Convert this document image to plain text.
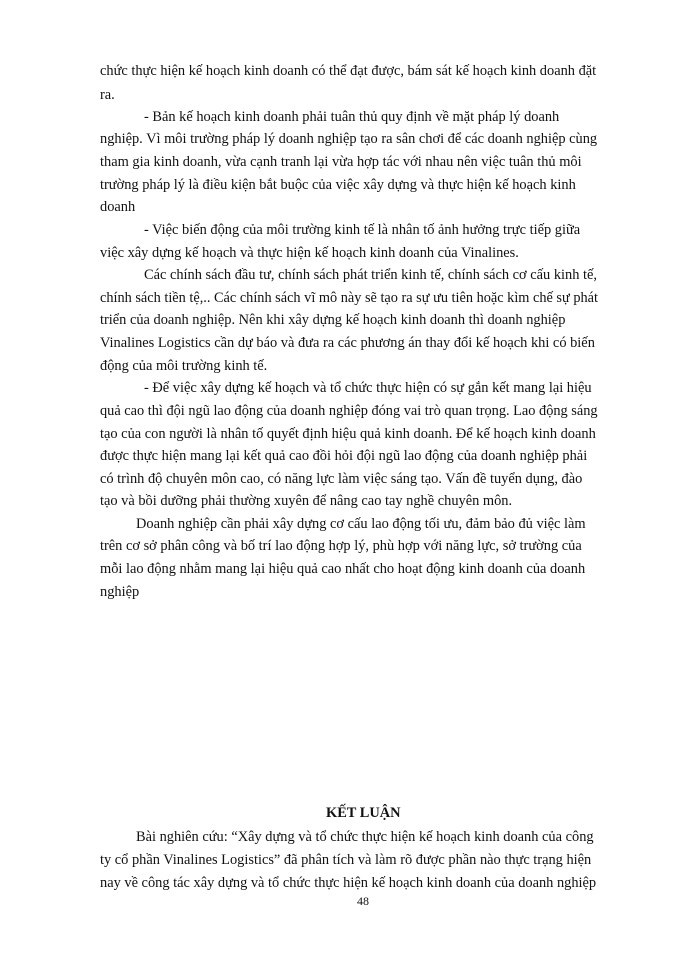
chức thực hiện kế hoạch kinh doanh có thể đạt được, bám sát kế hoạch kinh doanh đặt

ra.

- Bản kế hoạch kinh doanh phải tuân thủ quy định về mặt pháp lý doanh

nghiệp. Vì môi trường pháp lý doanh nghiệp tạo ra sân chơi để các doanh nghiệp cùng

tham gia kinh doanh, vừa cạnh tranh lại vừa hợp tác với nhau nên việc tuân thủ môi

trường pháp lý là điều kiện bắt buộc của việc xây dựng và thực hiện kế hoạch kinh

doanh

- Việc biến động của môi trường kinh tế là nhân tố ảnh hưởng trực tiếp giữa

việc xây dựng kế hoạch và thực hiện kế hoạch kinh doanh của Vinalines.

Các chính sách đầu tư, chính sách phát triển kinh tế, chính sách cơ cấu kinh tế,

chính sách tiền tệ,.. Các chính sách vĩ mô này sẽ tạo ra sự ưu tiên hoặc kìm chế sự phát

triển của doanh nghiệp. Nên khi xây dựng kế hoạch kinh doanh thì doanh nghiệp

Vinalines Logistics cần dự báo và đưa ra các phương án thay đổi kế hoạch khi có biến

động của môi trường kinh tế.

- Để việc xây dựng kế hoạch và tổ chức thực hiện có sự gắn kết mang lại hiệu

quả cao thì đội ngũ lao động của doanh nghiệp đóng vai trò quan trọng. Lao động sáng

tạo của con người là nhân tố quyết định hiệu quả kinh doanh. Để kế hoạch kinh doanh

được thực hiện mang lại kết quả cao đồi hỏi đội ngũ lao động của doanh nghiệp phải

có trình độ chuyên môn cao, có năng lực làm việc sáng tạo. Vấn đề tuyển dụng, đào

tạo và bồi dưỡng phải thường xuyên để nâng cao tay nghề chuyên môn.

Doanh nghiệp cần phải xây dựng cơ cấu lao động tối ưu, đảm bảo đủ việc làm

trên cơ sở phân công và bố trí lao động hợp lý, phù hợp với năng lực, sở trường của

mỗi lao động nhằm mang lại hiệu quả cao nhất cho hoạt động kinh doanh của doanh

nghiệp

KẾT LUẬN

Bài nghiên cứu: “Xây dựng và tổ chức thực hiện kế hoạch kinh doanh của công

ty cổ phần Vinalines Logistics” đã phân tích và làm rõ được phần nào thực trạng hiện

nay về công tác xây dựng và tổ chức thực hiện kế hoạch kinh doanh của doanh nghiệp

48
